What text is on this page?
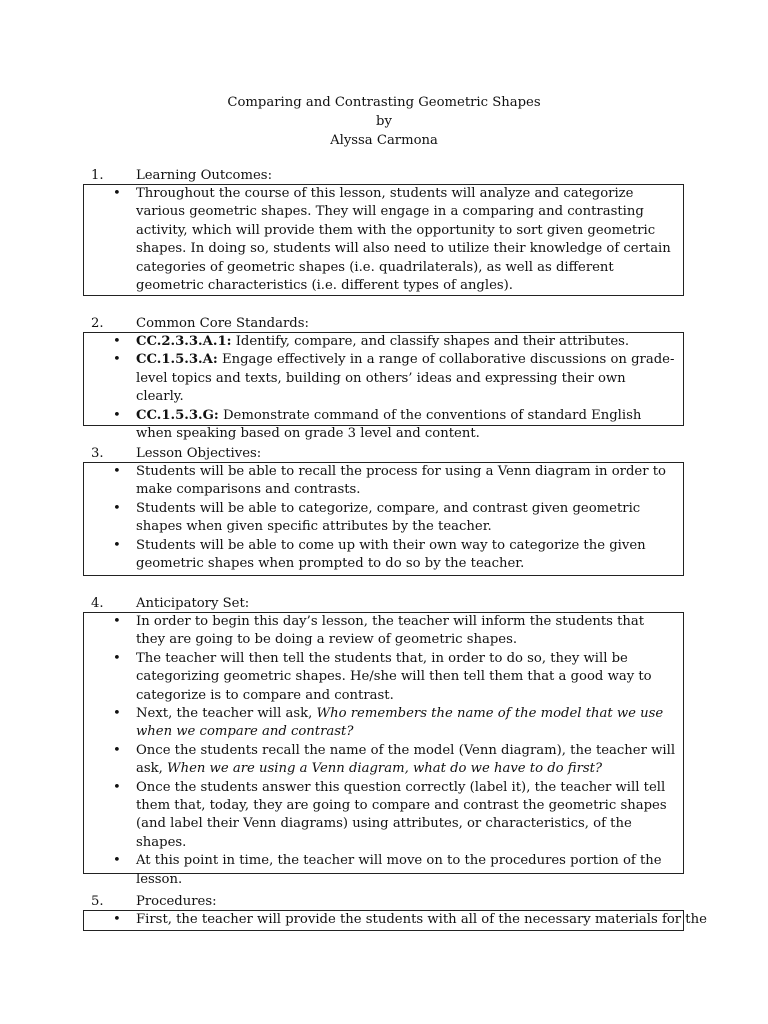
Comparing and Contrasting Geometric Shapes
by
Alyssa Carmona
1. Learning Outcomes:
• Throughout the course of this lesson, students will analyze and categorize various geometric shapes. They will engage in a comparing and contrasting activity, which will provide them with the opportunity to sort given geometric shapes. In doing so, students will also need to utilize their knowledge of certain categories of geometric shapes (i.e. quadrilaterals), as well as different geometric characteristics (i.e. different types of angles).
2. Common Core Standards:
• CC.2.3.3.A.1: Identify, compare, and classify shapes and their attributes.
• CC.1.5.3.A: Engage effectively in a range of collaborative discussions on grade-level topics and texts, building on others’ ideas and expressing their own clearly.
• CC.1.5.3.G: Demonstrate command of the conventions of standard English when speaking based on grade 3 level and content.
3. Lesson Objectives:
• Students will be able to recall the process for using a Venn diagram in order to make comparisons and contrasts.
• Students will be able to categorize, compare, and contrast given geometric shapes when given specific attributes by the teacher.
• Students will be able to come up with their own way to categorize the given geometric shapes when prompted to do so by the teacher.
4. Anticipatory Set:
• In order to begin this day’s lesson, the teacher will inform the students that they are going to be doing a review of geometric shapes.
• The teacher will then tell the students that, in order to do so, they will be categorizing geometric shapes. He/she will then tell them that a good way to categorize is to compare and contrast.
• Next, the teacher will ask, Who remembers the name of the model that we use when we compare and contrast?
• Once the students recall the name of the model (Venn diagram), the teacher will ask, When we are using a Venn diagram, what do we have to do first?
• Once the students answer this question correctly (label it), the teacher will tell them that, today, they are going to compare and contrast the geometric shapes (and label their Venn diagrams) using attributes, or characteristics, of the shapes.
• At this point in time, the teacher will move on to the procedures portion of the lesson.
5. Procedures:
• First, the teacher will provide the students with all of the necessary materials for the
